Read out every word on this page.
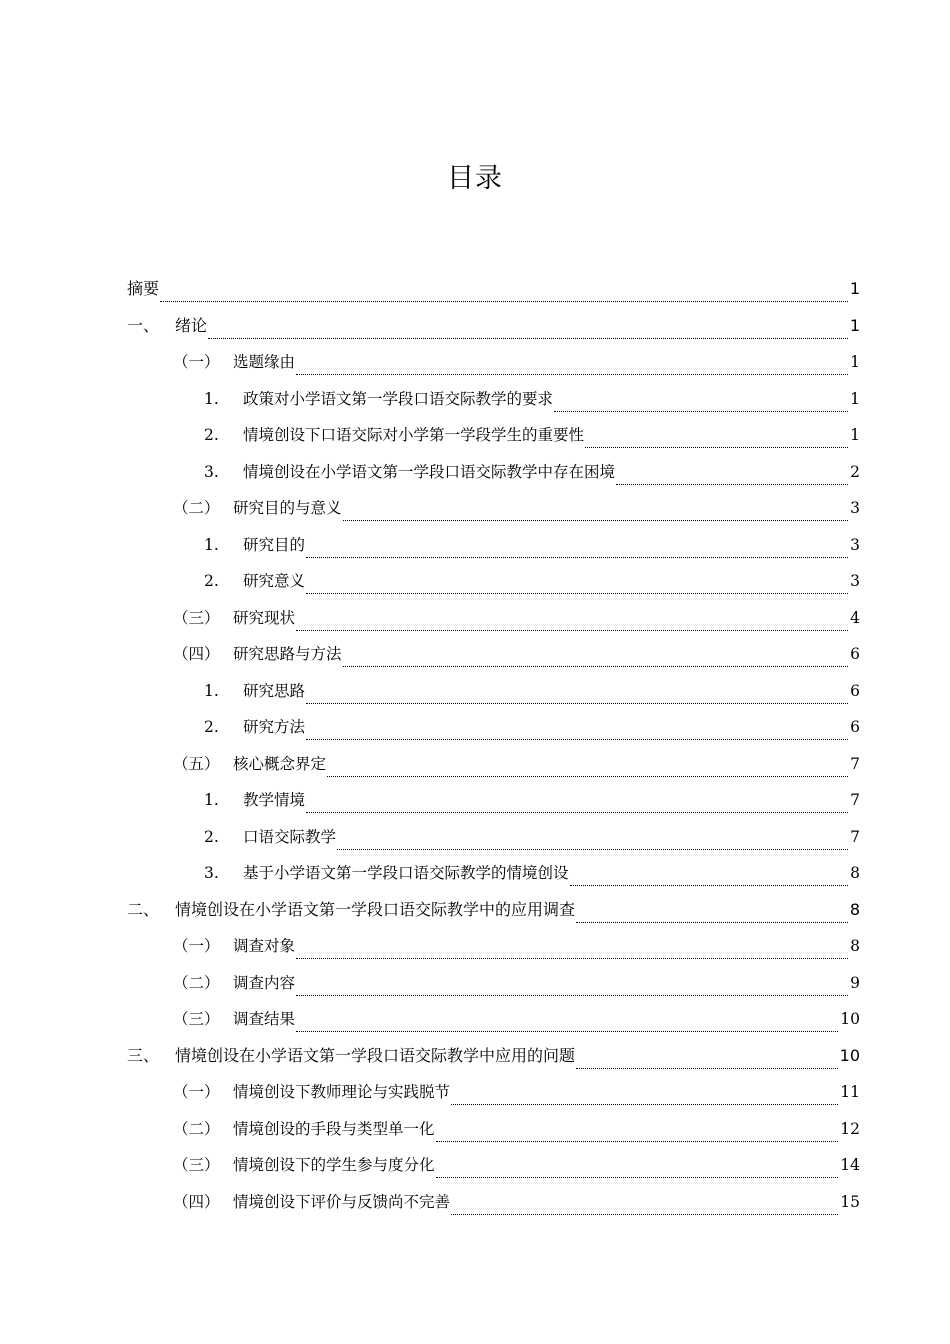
目录
摘要	1
一、 绪论	1
（一） 选题缘由	1
1. 政策对小学语文第一学段口语交际教学的要求	1
2. 情境创设下口语交际对小学第一学段学生的重要性	1
3. 情境创设在小学语文第一学段口语交际教学中存在困境	2
（二） 研究目的与意义	3
1. 研究目的	3
2. 研究意义	3
（三） 研究现状	4
（四） 研究思路与方法	6
1. 研究思路	6
2. 研究方法	6
（五） 核心概念界定	7
1. 教学情境	7
2. 口语交际教学	7
3. 基于小学语文第一学段口语交际教学的情境创设	8
二、 情境创设在小学语文第一学段口语交际教学中的应用调查	8
（一） 调查对象	8
（二） 调查内容	9
（三） 调查结果	10
三、 情境创设在小学语文第一学段口语交际教学中应用的问题	10
（一） 情境创设下教师理论与实践脱节	11
（二） 情境创设的手段与类型单一化	12
（三） 情境创设下的学生参与度分化	14
（四） 情境创设下评价与反馈尚不完善	15
